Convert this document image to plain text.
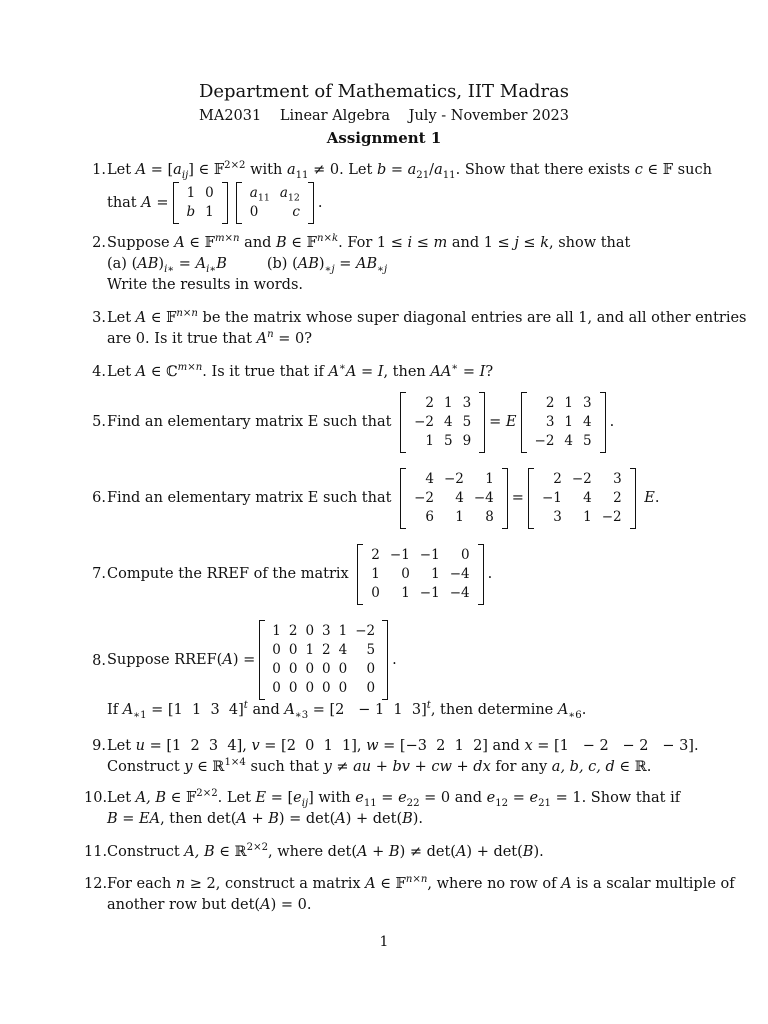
Department of Mathematics, IIT Madras
MA2031 Linear Algebra July - November 2023
Assignment 1
1. Let $A = [a_{ij}]$ ∈ 𝔽$^{2\times 2}$ with $a_{11} \ne 0$. Let $b = a_{21}/a_{11}$. Show that there exists c ∈ 𝔽 such
that A =
1	0
b	1
$a_{11}$	$a_{12}$
0	c
.
2. Suppose A ∈ 𝔽$^{m\times n}$ and B ∈ 𝔽$^{n\times k}$. For 1 ≤ i ≤ m and 1 ≤ j ≤ k, show that
(a) $(AB)_{i∗} = A_{i∗}B$	(b) $(AB)_{∗j} = AB_{∗j}$
Write the results in words.
3. Let A ∈ 𝔽$^{n\times n}$ be the matrix whose super diagonal entries are all 1, and all other entries
are 0. Is it true that $A^n = 0$?
4. Let A ∈ ℂ$^{m\times n}$. Is it true that if A∗A = I, then AA∗ = I?
5. Find an elementary matrix E such that

2	1	3
−2	4	5
1	5	9
= E
2	1	3
3	1	4
−2	4	5
.
6. Find an elementary matrix E such that

4	−2	1
−2	4	−4
6	1	8
=
2	−2	3
−1	4	2
3	1	−2

E .
7. Compute the RREF of the matrix

2	−1	−1	0
1	0	1	−4
0	1	−1	−4
.
8. Suppose RREF( A ) =
1	2	0	3	1	−2
0	0	1	2	4	5
0	0	0	0	0	0
0	0	0	0	0	0
.
If $A_{∗1} = [1$  1  3  4]$^t$ and $A_{∗3} = [2 - 1$  1  3]$^t$, then determine $A_{∗6}$.
9. Let u = [1  2  3  4], v = [2  0  1  1], w = [−3  2  1  2] and x = [1   − 2   − 2   − 3].
Construct y ∈ ℝ$^{1\times 4}$ such that y ≠ au + bv + cw + dx for any a, b, c, d ∈ ℝ.
10. Let A, B ∈ 𝔽$^{2\times 2}$. Let $E = [e_{ij}]$ with $e_{11} = e_{22} = 0$ and $e_{12} = e_{21} = 1$. Show that if
B = EA, then det(A + B) = det(A) + det(B).
11. Construct A, B ∈ ℝ$^{2\times 2}$, where det(A + B) ≠ det(A) + det(B).
12. For each n ≥ 2, construct a matrix A ∈ 𝔽$^{n\times n}$, where no row of A is a scalar multiple of
another row but det(A) = 0.
1
